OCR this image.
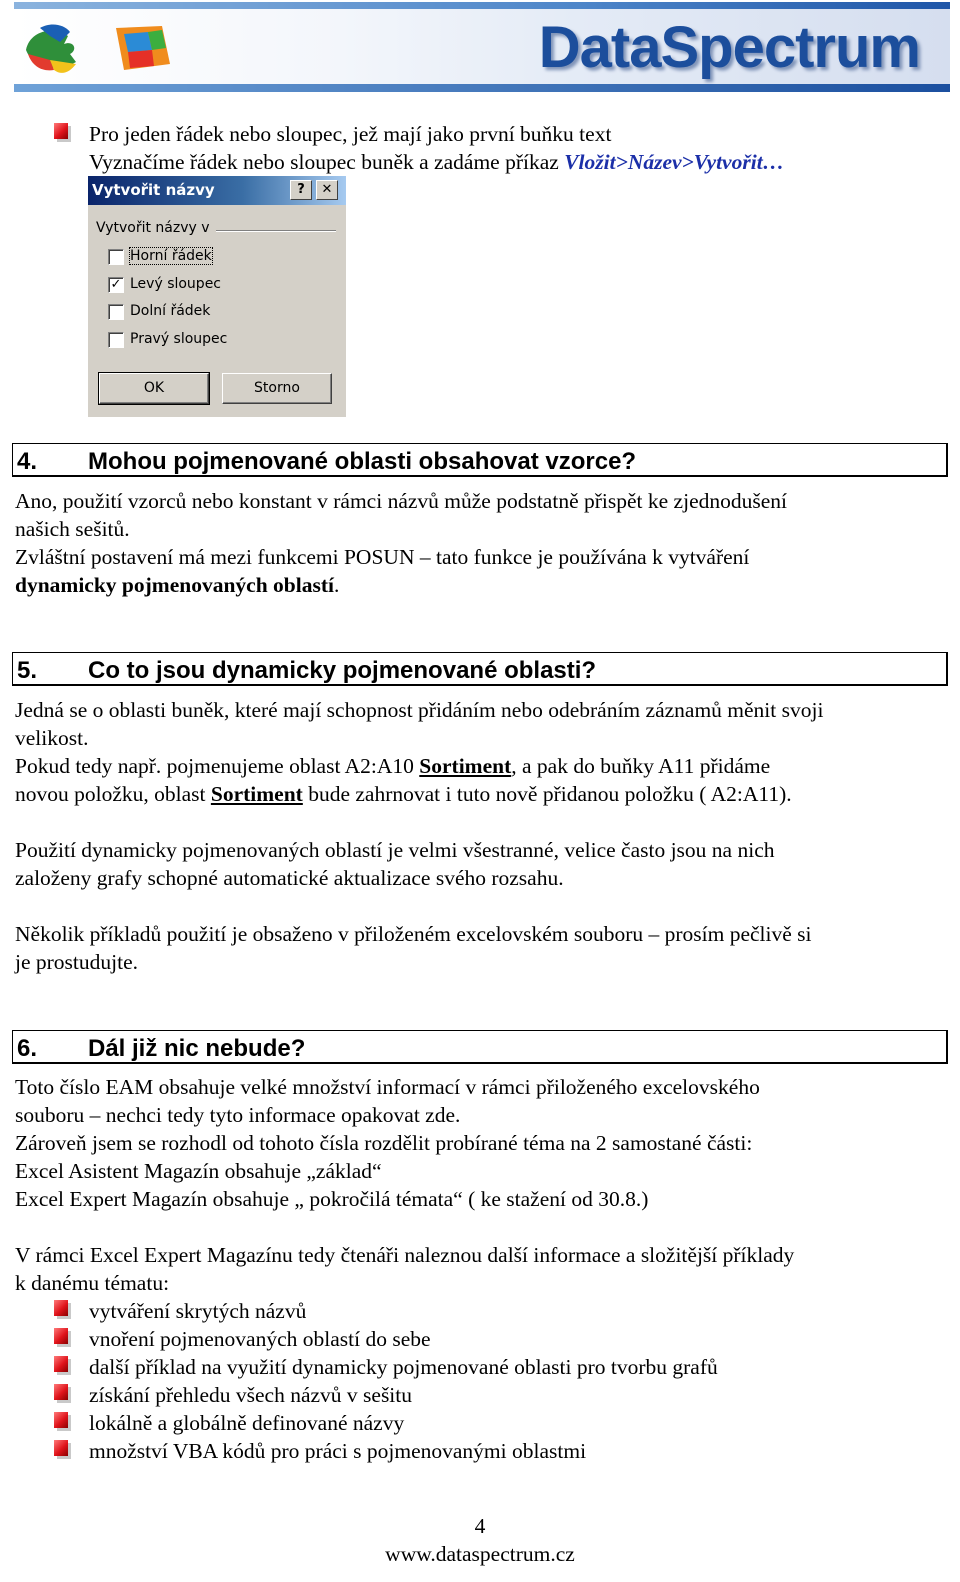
DataSpectrum
Pro jeden řádek nebo sloupec, jež mají jako první buňku text
Vyznačíme řádek nebo sloupec buněk a zadáme příkaz Vložit>Název>Vytvořit…
Vytvořit názvy	?	✕
Vytvořit názvy v
Horní řádek
✓ Levý sloupec
Dolní řádek
Pravý sloupec
OK	Storno
4. Mohou pojmenované oblasti obsahovat vzorce?
Ano, použití vzorců nebo konstant v rámci názvů může podstatně přispět ke zjednodušení
našich sešitů.
Zvláštní postavení má mezi funkcemi POSUN – tato funkce je používána k vytváření
dynamicky pojmenovaných oblastí.
5. Co to jsou dynamicky pojmenované oblasti?
Jedná se o oblasti buněk, které mají schopnost přidáním nebo odebráním záznamů měnit svoji
velikost.
Pokud tedy např. pojmenujeme oblast A2:A10 Sortiment, a pak do buňky A11 přidáme
novou položku, oblast Sortiment bude zahrnovat i tuto nově přidanou položku ( A2:A11).
Použití dynamicky pojmenovaných oblastí je velmi všestranné, velice často jsou na nich
založeny grafy schopné automatické aktualizace svého rozsahu.
Několik příkladů použití je obsaženo v přiloženém excelovském souboru – prosím pečlivě si
je prostudujte.
6. Dál již nic nebude?
Toto číslo EAM obsahuje velké množství informací v rámci přiloženého excelovského
souboru – nechci tedy tyto informace opakovat zde.
Zároveň jsem se rozhodl od tohoto čísla rozdělit probírané téma na 2 samostané části:
Excel Asistent Magazín obsahuje „základ“
Excel Expert Magazín obsahuje „ pokročilá témata“ ( ke stažení od 30.8.)
V rámci Excel Expert Magazínu tedy čtenáři naleznou další informace a složitější příklady
k danému tématu:
vytváření skrytých názvů
vnoření pojmenovaných oblastí do sebe
další příklad na využití dynamicky pojmenované oblasti pro tvorbu grafů
získání přehledu všech názvů v sešitu
lokálně a globálně definované názvy
množství VBA kódů pro práci s pojmenovanými oblastmi
4
www.dataspectrum.cz
